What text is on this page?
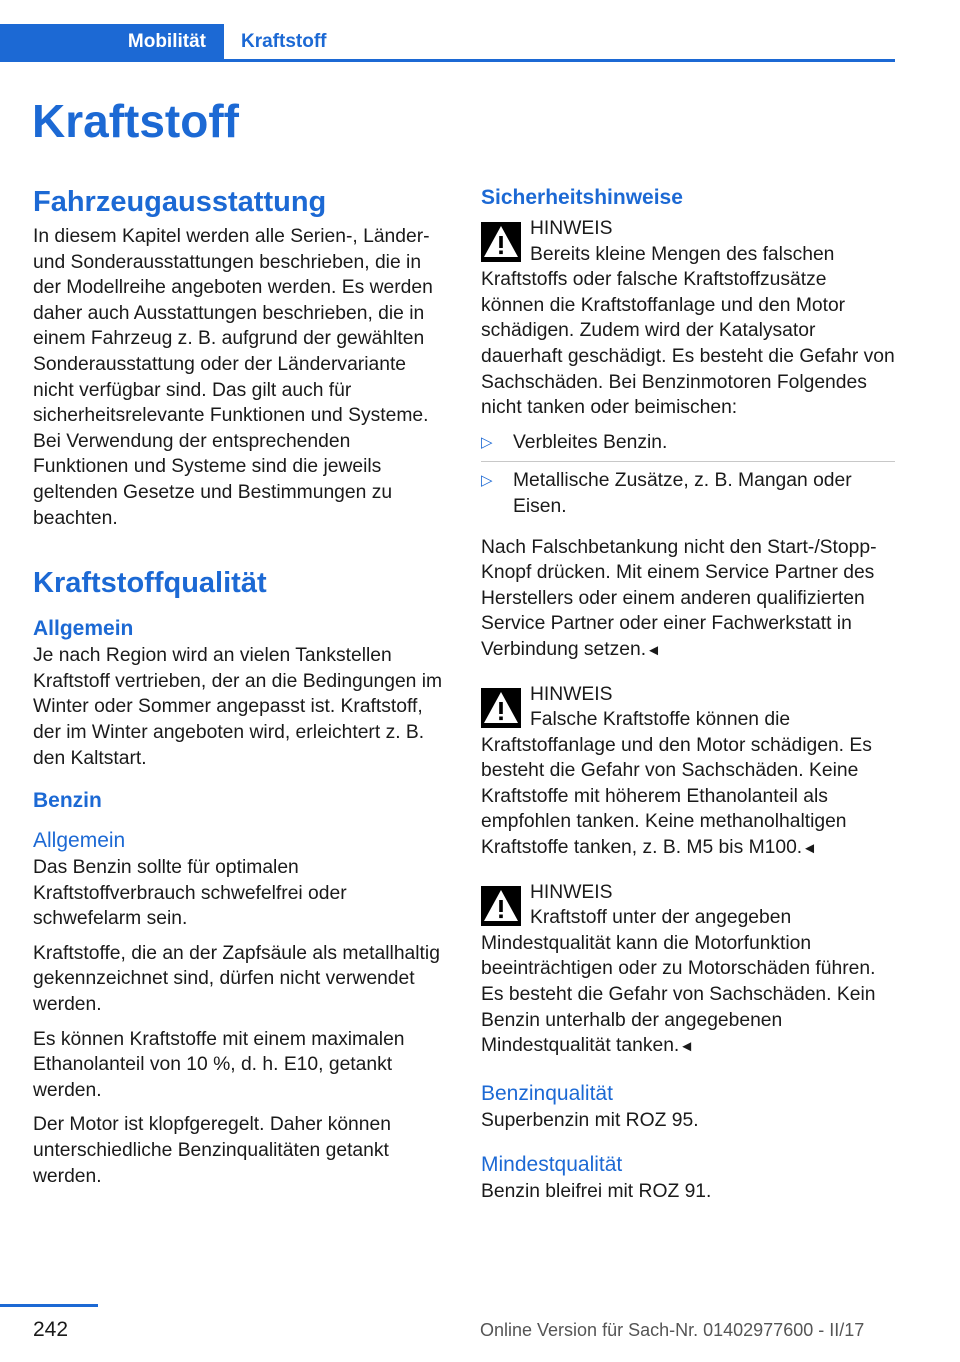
Mobilität Kraftstoff
Kraftstoff
Fahrzeugausstattung

In diesem Kapitel werden alle Serien-, Länder- und Sonderausstattungen beschrieben, die in der Modellreihe angeboten werden. Es werden daher auch Ausstattungen beschrieben, die in einem Fahrzeug z. B. aufgrund der gewählten Sonderausstattung oder der Ländervariante nicht verfügbar sind. Das gilt auch für sicherheitsrelevante Funktionen und Systeme. Bei Verwendung der entsprechenden Funktionen und Systeme sind die jeweils geltenden Gesetze und Bestimmungen zu beachten.

Kraftstoffqualität
Allgemein

Je nach Region wird an vielen Tankstellen Kraftstoff vertrieben, der an die Bedingungen im Winter oder Sommer angepasst ist. Kraftstoff, der im Winter angeboten wird, erleichtert z. B. den Kaltstart.

Benzin
Allgemein

Das Benzin sollte für optimalen Kraftstoffverbrauch schwefelfrei oder schwefelarm sein.

Kraftstoffe, die an der Zapfsäule als metallhaltig gekennzeichnet sind, dürfen nicht verwendet werden.

Es können Kraftstoffe mit einem maximalen Ethanolanteil von 10 %, d. h. E10, getankt werden.

Der Motor ist klopfgeregelt. Daher können unterschiedliche Benzinqualitäten getankt werden.

Sicherheitshinweise
HINWEIS
Bereits kleine Mengen des falschen Kraftstoffs oder falsche Kraftstoffzusätze können die Kraftstoffanlage und den Motor schädigen. Zudem wird der Katalysator dauerhaft geschädigt. Es besteht die Gefahr von Sachschäden. Bei Benzinmotoren Folgendes nicht tanken oder beimischen:
▷ Verbleites Benzin.
▷ Metallische Zusätze, z. B. Mangan oder Eisen.

Nach Falschbetankung nicht den Start-/Stopp-Knopf drücken. Mit einem Service Partner des Herstellers oder einem anderen qualifizierten Service Partner oder einer Fachwerkstatt in Verbindung setzen.◄

HINWEIS
Falsche Kraftstoffe können die Kraftstoffanlage und den Motor schädigen. Es besteht die Gefahr von Sachschäden. Keine Kraftstoffe mit höherem Ethanolanteil als empfohlen tanken. Keine methanolhaltigen Kraftstoffe tanken, z. B. M5 bis M100.◄
HINWEIS
Kraftstoff unter der angegeben Mindestqualität kann die Motorfunktion beeinträchtigen oder zu Motorschäden führen. Es besteht die Gefahr von Sachschäden. Kein Benzin unterhalb der angegebenen Mindestqualität tanken.◄
Benzinqualität

Superbenzin mit ROZ 95.

Mindestqualität

Benzin bleifrei mit ROZ 91.

242	Online Version für Sach-Nr. 01402977600 - II/17
